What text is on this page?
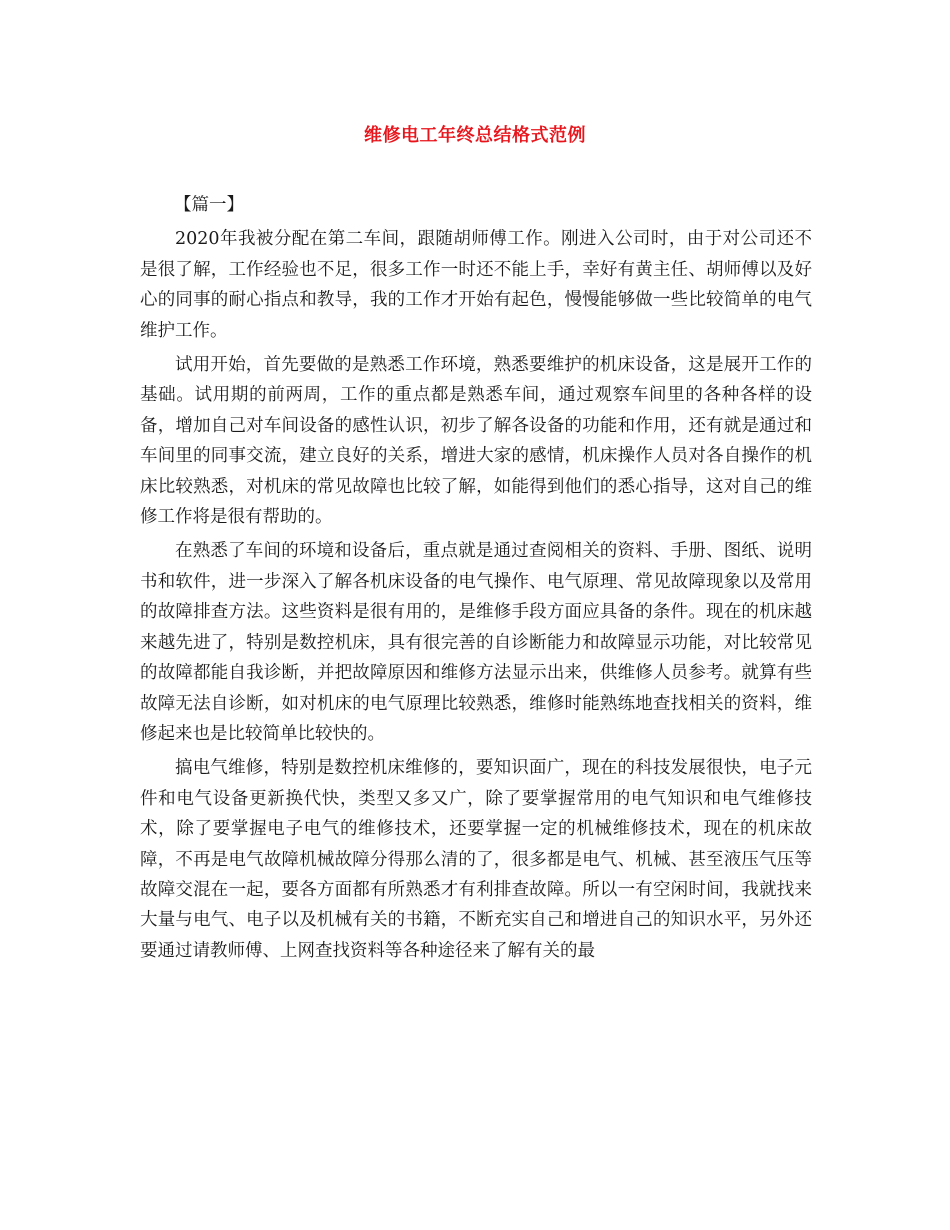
维修电工年终总结格式范例

【篇一】

2020年我被分配在第二车间，跟随胡师傅工作。刚进入公司时，由于对公司还不是很了解，工作经验也不足，很多工作一时还不能上手，幸好有黄主任、胡师傅以及好心的同事的耐心指点和教导，我的工作才开始有起色，慢慢能够做一些比较简单的电气维护工作。

试用开始，首先要做的是熟悉工作环境，熟悉要维护的机床设备，这是展开工作的基础。试用期的前两周，工作的重点都是熟悉车间，通过观察车间里的各种各样的设备，增加自己对车间设备的感性认识，初步了解各设备的功能和作用，还有就是通过和车间里的同事交流，建立良好的关系，增进大家的感情，机床操作人员对各自操作的机床比较熟悉，对机床的常见故障也比较了解，如能得到他们的悉心指导，这对自己的维修工作将是很有帮助的。

在熟悉了车间的环境和设备后，重点就是通过查阅相关的资料、手册、图纸、说明书和软件，进一步深入了解各机床设备的电气操作、电气原理、常见故障现象以及常用的故障排查方法。这些资料是很有用的，是维修手段方面应具备的条件。现在的机床越来越先进了，特别是数控机床，具有很完善的自诊断能力和故障显示功能，对比较常见的故障都能自我诊断，并把故障原因和维修方法显示出来，供维修人员参考。就算有些故障无法自诊断，如对机床的电气原理比较熟悉，维修时能熟练地查找相关的资料，维修起来也是比较简单比较快的。

搞电气维修，特别是数控机床维修的，要知识面广，现在的科技发展很快，电子元件和电气设备更新换代快，类型又多又广，除了要掌握常用的电气知识和电气维修技术，除了要掌握电子电气的维修技术，还要掌握一定的机械维修技术，现在的机床故障，不再是电气故障机械故障分得那么清的了，很多都是电气、机械、甚至液压气压等故障交混在一起，要各方面都有所熟悉才有利排查故障。所以一有空闲时间，我就找来大量与电气、电子以及机械有关的书籍，不断充实自己和增进自己的知识水平，另外还要通过请教师傅、上网查找资料等各种途径来了解有关的最
